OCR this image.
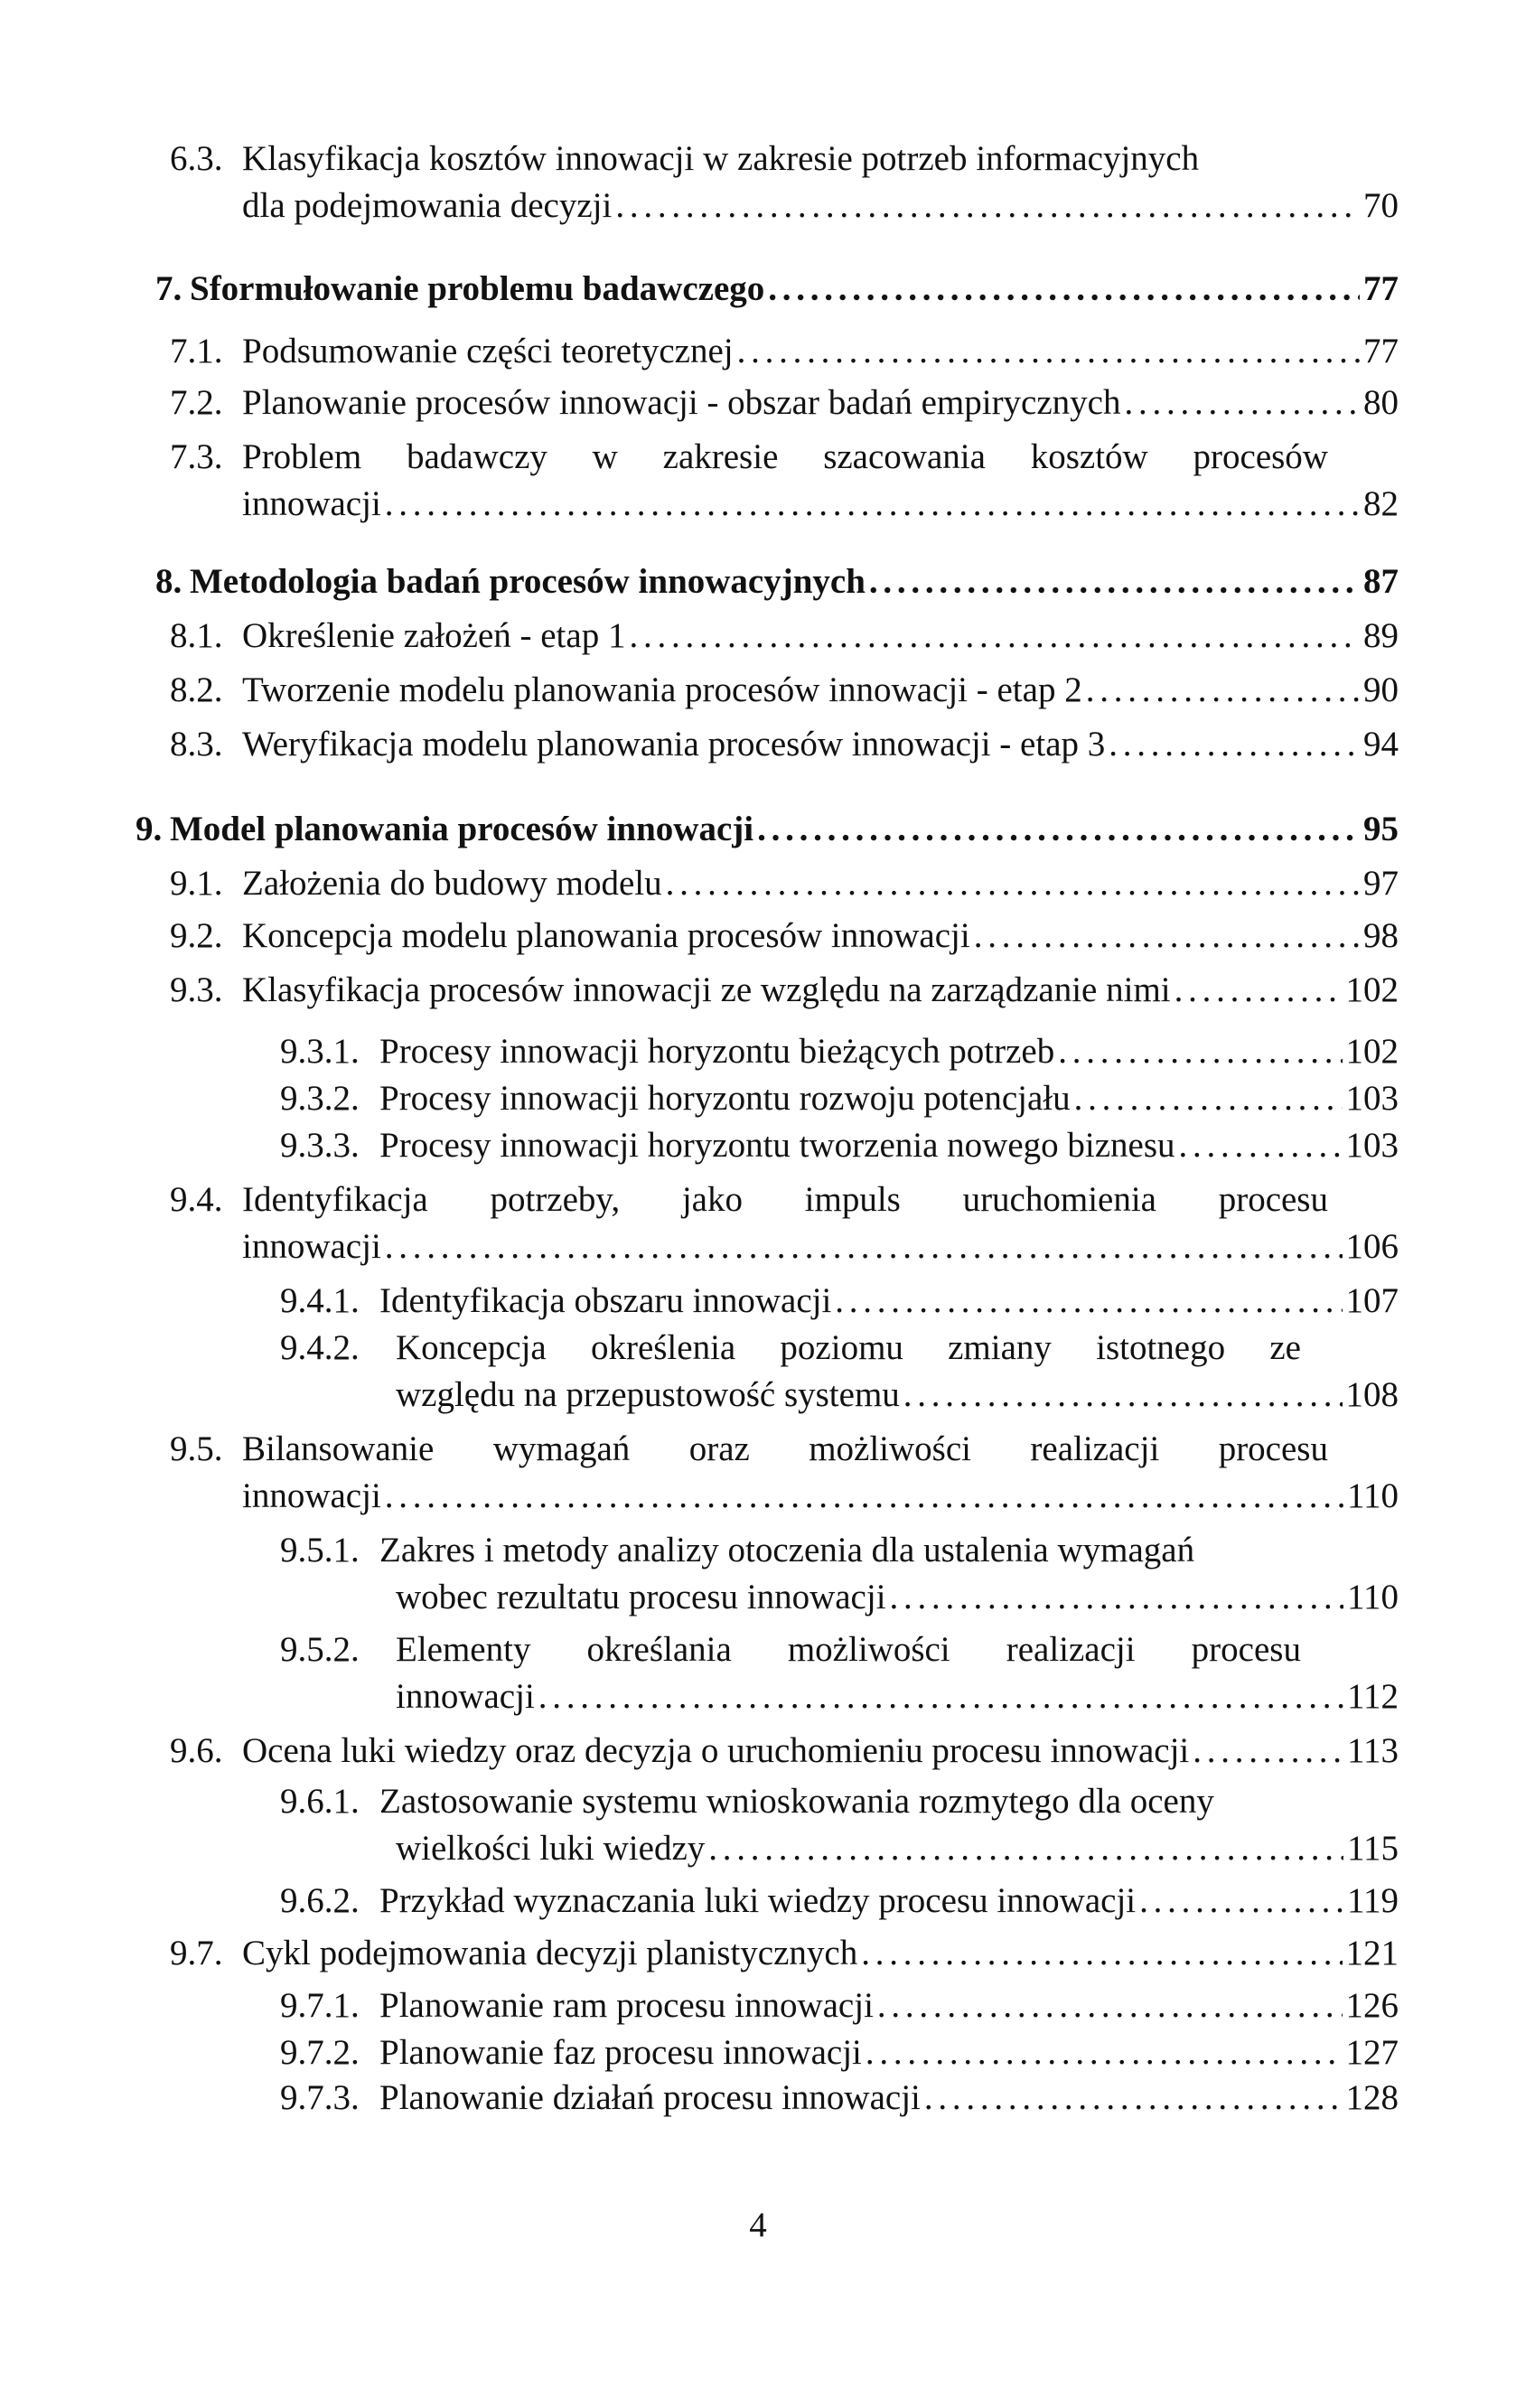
6.3. Klasyfikacja kosztów innowacji w zakresie potrzeb informacyjnych
dla podejmowania decyzji . . .	70
7. Sformułowanie problemu badawczego . . .	77
7.1. Podsumowanie części teoretycznej . . .	77
7.2. Planowanie procesów innowacji - obszar badań empirycznych . . .	80
7.3. Problem badawczy w zakresie szacowania kosztów procesów
innowacji . . .	82
8. Metodologia badań procesów innowacyjnych . . .	87
8.1. Określenie założeń - etap 1 . . .	89
8.2. Tworzenie modelu planowania procesów innowacji - etap 2 . . .	90
8.3. Weryfikacja modelu planowania procesów innowacji - etap 3 . . .	94
9. Model planowania procesów innowacji . . .	95
9.1. Założenia do budowy modelu . . .	97
9.2. Koncepcja modelu planowania procesów innowacji . . .	98
9.3. Klasyfikacja procesów innowacji ze względu na zarządzanie nimi . . .	102
9.3.1. Procesy innowacji horyzontu bieżących potrzeb . . .	102
9.3.2. Procesy innowacji horyzontu rozwoju potencjału . . .	103
9.3.3. Procesy innowacji horyzontu tworzenia nowego biznesu . . .	103
9.4. Identyfikacja potrzeby, jako impuls uruchomienia procesu
innowacji . . .	106
9.4.1. Identyfikacja obszaru innowacji . . .	107
9.4.2. Koncepcja określenia poziomu zmiany istotnego ze
względu na przepustowość systemu . . .	108
9.5. Bilansowanie wymagań oraz możliwości realizacji procesu
innowacji . . .	110
9.5.1. Zakres i metody analizy otoczenia dla ustalenia wymagań
wobec rezultatu procesu innowacji . . .	110
9.5.2. Elementy określania możliwości realizacji procesu
innowacji . . .	112
9.6. Ocena luki wiedzy oraz decyzja o uruchomieniu procesu innowacji . . .	113
9.6.1. Zastosowanie systemu wnioskowania rozmytego dla oceny
wielkości luki wiedzy . . .	115
9.6.2. Przykład wyznaczania luki wiedzy procesu innowacji . . .	119
9.7. Cykl podejmowania decyzji planistycznych . . .	121
9.7.1. Planowanie ram procesu innowacji . . .	126
9.7.2. Planowanie faz procesu innowacji . . .	127
9.7.3. Planowanie działań procesu innowacji . . .	128
4
